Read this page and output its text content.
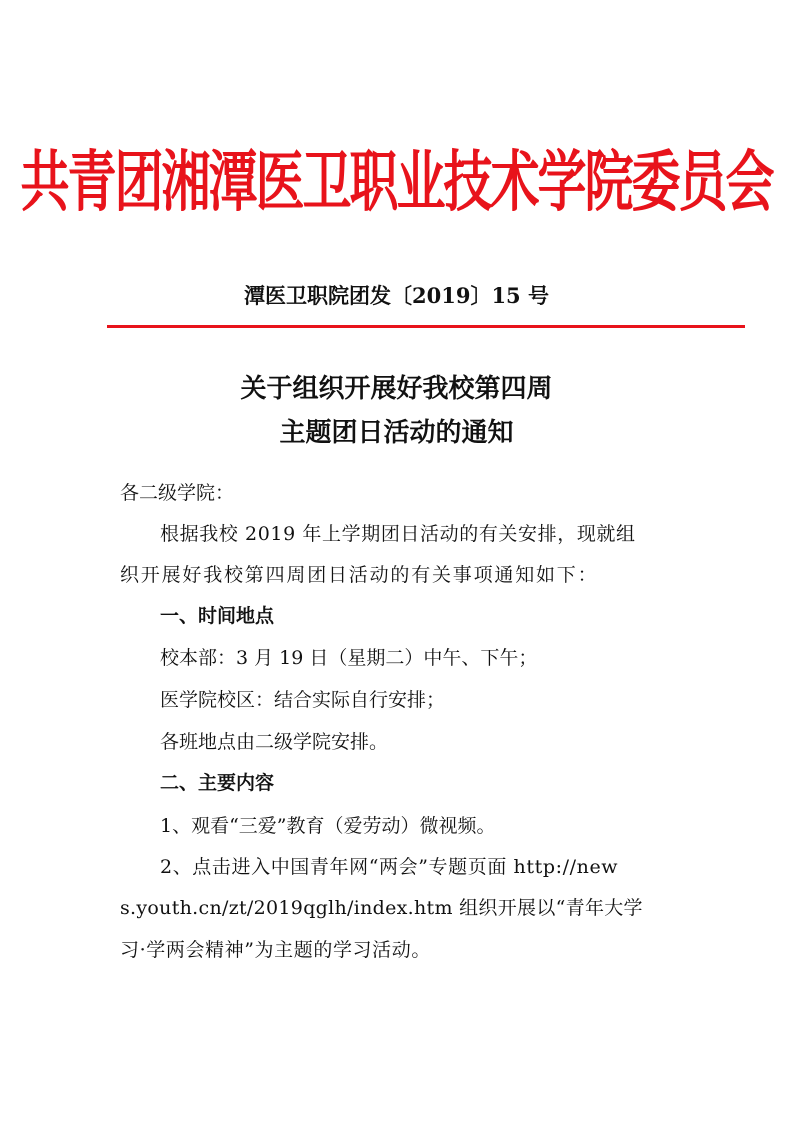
共青团湘潭医卫职业技术学院委员会
潭医卫职院团发〔2019〕15 号
关于组织开展好我校第四周
主题团日活动的通知
各二级学院：
根据我校 2019 年上学期团日活动的有关安排，现就组
织开展好我校第四周团日活动的有关事项通知如下：
一、时间地点
校本部：3 月 19 日（星期二）中午、下午；
医学院校区：结合实际自行安排；
各班地点由二级学院安排。
二、主要内容
1、观看“三爱”教育（爱劳动）微视频。
2、点击进入中国青年网“两会”专题页面 http://new
s.youth.cn/zt/2019qglh/index.htm 组织开展以“青年大学
习·学两会精神”为主题的学习活动。
